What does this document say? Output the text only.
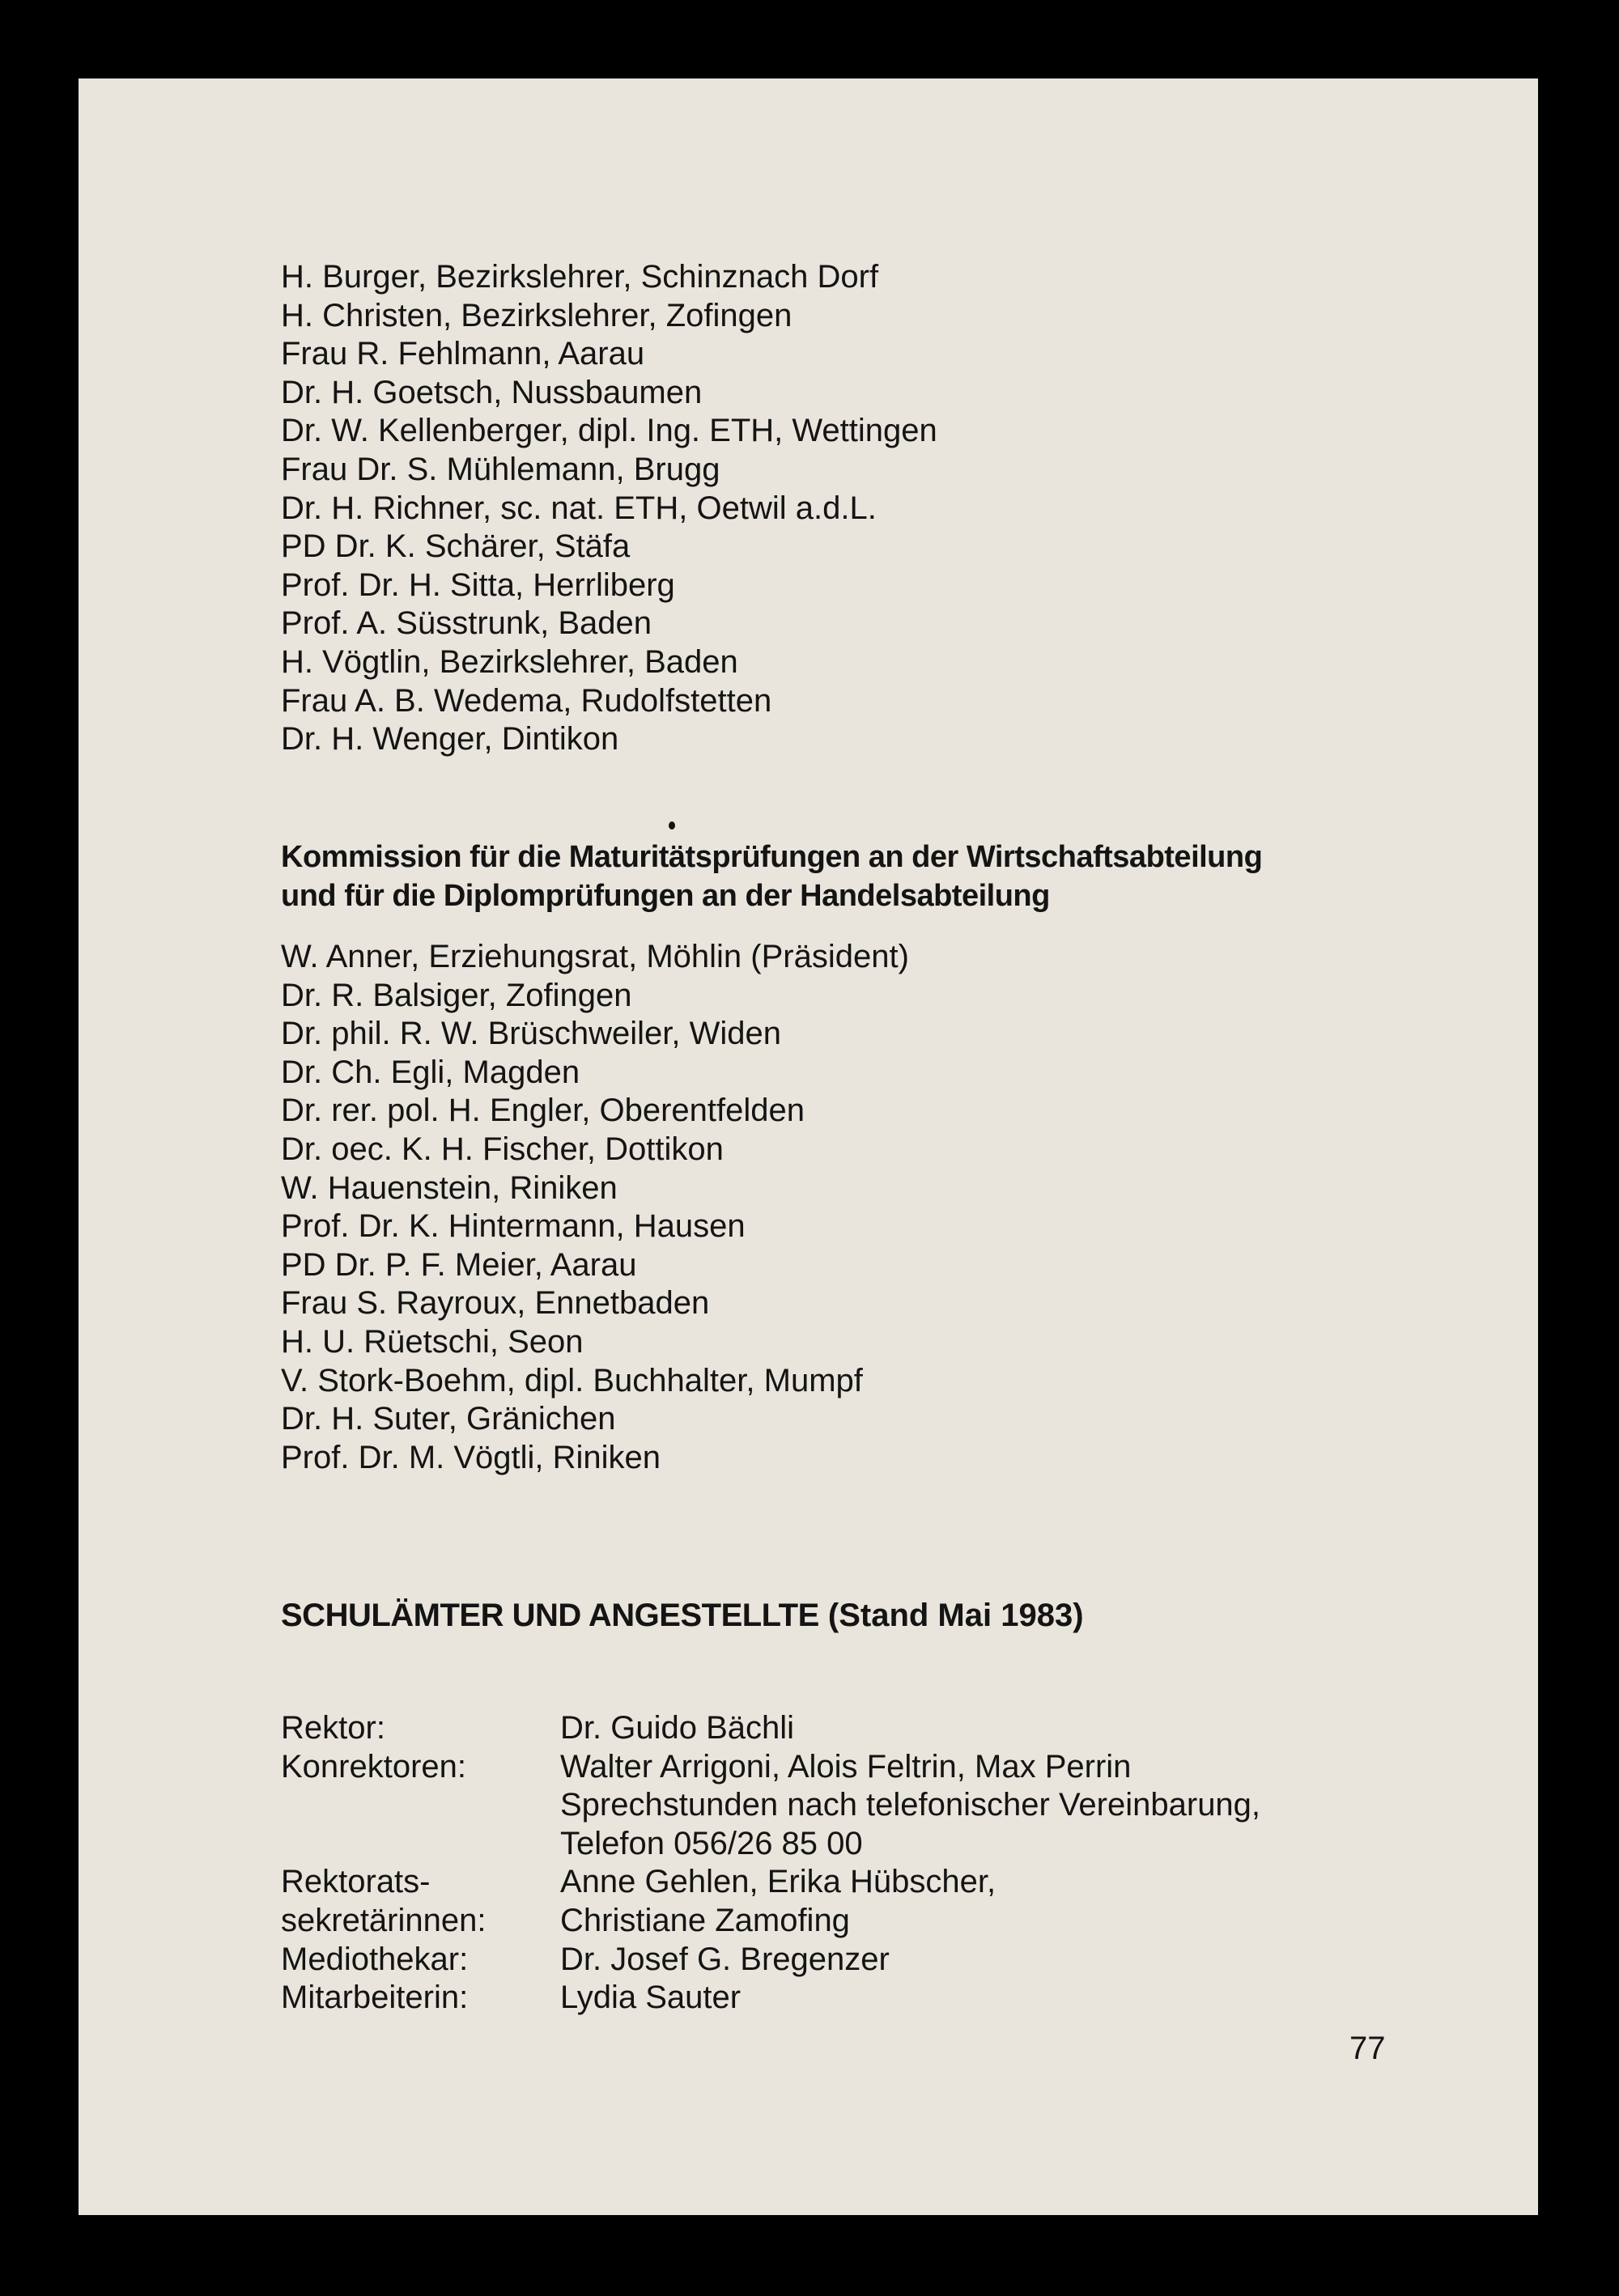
H. Burger, Bezirkslehrer, Schinznach Dorf
H. Christen, Bezirkslehrer, Zofingen
Frau R. Fehlmann, Aarau
Dr. H. Goetsch, Nussbaumen
Dr. W. Kellenberger, dipl. Ing. ETH, Wettingen
Frau Dr. S. Mühlemann, Brugg
Dr. H. Richner, sc. nat. ETH, Oetwil a.d.L.
PD Dr. K. Schärer, Stäfa
Prof. Dr. H. Sitta, Herrliberg
Prof. A. Süsstrunk, Baden
H. Vögtlin, Bezirkslehrer, Baden
Frau A. B. Wedema, Rudolfstetten
Dr. H. Wenger, Dintikon
Kommission für die Maturitätsprüfungen an der Wirtschaftsabteilung
und für die Diplomprüfungen an der Handelsabteilung
W. Anner, Erziehungsrat, Möhlin (Präsident)
Dr. R. Balsiger, Zofingen
Dr. phil. R. W. Brüschweiler, Widen
Dr. Ch. Egli, Magden
Dr. rer. pol. H. Engler, Oberentfelden
Dr. oec. K. H. Fischer, Dottikon
W. Hauenstein, Riniken
Prof. Dr. K. Hintermann, Hausen
PD Dr. P. F. Meier, Aarau
Frau S. Rayroux, Ennetbaden
H. U. Rüetschi, Seon
V. Stork-Boehm, dipl. Buchhalter, Mumpf
Dr. H. Suter, Gränichen
Prof. Dr. M. Vögtli, Riniken
SCHULÄMTER UND ANGESTELLTE (Stand Mai 1983)
Rektor:	Dr. Guido Bächli
Konrektoren:	Walter Arrigoni, Alois Feltrin, Max Perrin
	Sprechstunden nach telefonischer Vereinbarung,
	Telefon 056/26 85 00
Rektorats-	Anne Gehlen, Erika Hübscher,
sekretärinnen:	Christiane Zamofing
Mediothekar:	Dr. Josef G. Bregenzer
Mitarbeiterin:	Lydia Sauter
77
